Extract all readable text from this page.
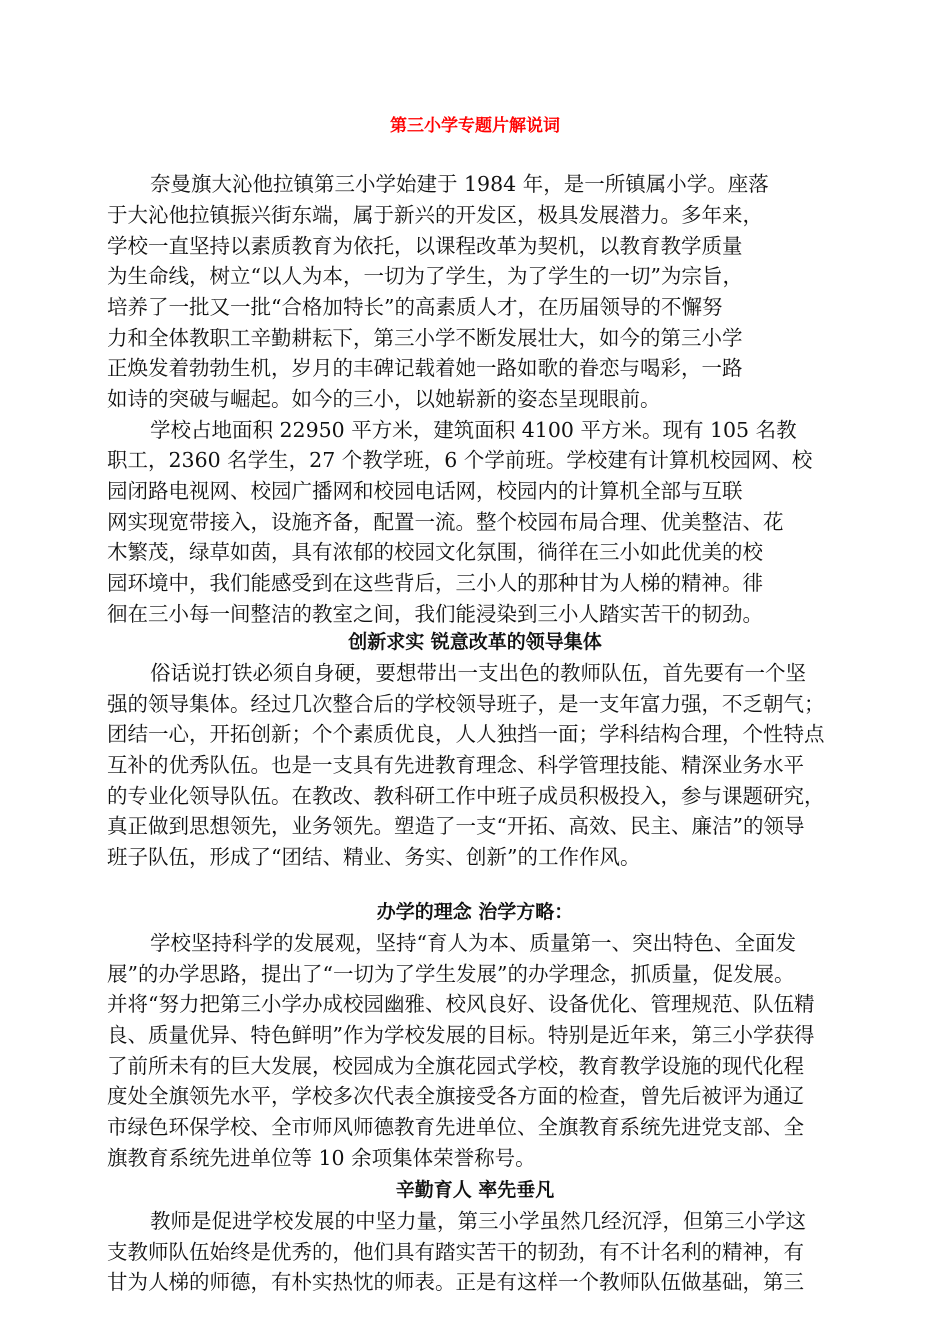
第三小学专题片解说词
奈曼旗大沁他拉镇第三小学始建于 1984 年，是一所镇属小学。座落
于大沁他拉镇振兴街东端，属于新兴的开发区，极具发展潜力。多年来，
学校一直坚持以素质教育为依托，以课程改革为契机，以教育教学质量
为生命线，树立“以人为本，一切为了学生，为了学生的一切”为宗旨，
培养了一批又一批“合格加特长”的高素质人才，在历届领导的不懈努
力和全体教职工辛勤耕耘下，第三小学不断发展壮大，如今的第三小学
正焕发着勃勃生机，岁月的丰碑记载着她一路如歌的眷恋与喝彩，一路
如诗的突破与崛起。如今的三小，以她崭新的姿态呈现眼前。
学校占地面积 22950 平方米，建筑面积 4100 平方米。现有 105 名教
职工，2360 名学生，27 个教学班，6 个学前班。学校建有计算机校园网、校
园闭路电视网、校园广播网和校园电话网，校园内的计算机全部与互联
网实现宽带接入，设施齐备，配置一流。整个校园布局合理、优美整洁、花
木繁茂，绿草如茵，具有浓郁的校园文化氛围，徜徉在三小如此优美的校
园环境中，我们能感受到在这些背后，三小人的那种甘为人梯的精神。徘
徊在三小每一间整洁的教室之间，我们能浸染到三小人踏实苦干的韧劲。
创新求实 锐意改革的领导集体
俗话说打铁必须自身硬，要想带出一支出色的教师队伍，首先要有一个坚
强的领导集体。经过几次整合后的学校领导班子，是一支年富力强，不乏朝气；
团结一心，开拓创新；个个素质优良，人人独挡一面；学科结构合理，个性特点
互补的优秀队伍。也是一支具有先进教育理念、科学管理技能、精深业务水平
的专业化领导队伍。在教改、教科研工作中班子成员积极投入，参与课题研究，
真正做到思想领先，业务领先。塑造了一支“开拓、高效、民主、廉洁”的领导
班子队伍，形成了“团结、精业、务实、创新”的工作作风。
办学的理念 治学方略：
学校坚持科学的发展观，坚持“育人为本、质量第一、突出特色、全面发
展”的办学思路，提出了“一切为了学生发展”的办学理念，抓质量，促发展。
并将“努力把第三小学办成校园幽雅、校风良好、设备优化、管理规范、队伍精
良、质量优异、特色鲜明”作为学校发展的目标。特别是近年来，第三小学获得
了前所未有的巨大发展，校园成为全旗花园式学校，教育教学设施的现代化程
度处全旗领先水平，学校多次代表全旗接受各方面的检查，曾先后被评为通辽
市绿色环保学校、全市师风师德教育先进单位、全旗教育系统先进党支部、全
旗教育系统先进单位等 10 余项集体荣誉称号。
辛勤育人 率先垂凡
教师是促进学校发展的中坚力量，第三小学虽然几经沉浮，但第三小学这
支教师队伍始终是优秀的，他们具有踏实苦干的韧劲，有不计名利的精神，有
甘为人梯的师德，有朴实热忱的师表。正是有这样一个教师队伍做基础，第三
